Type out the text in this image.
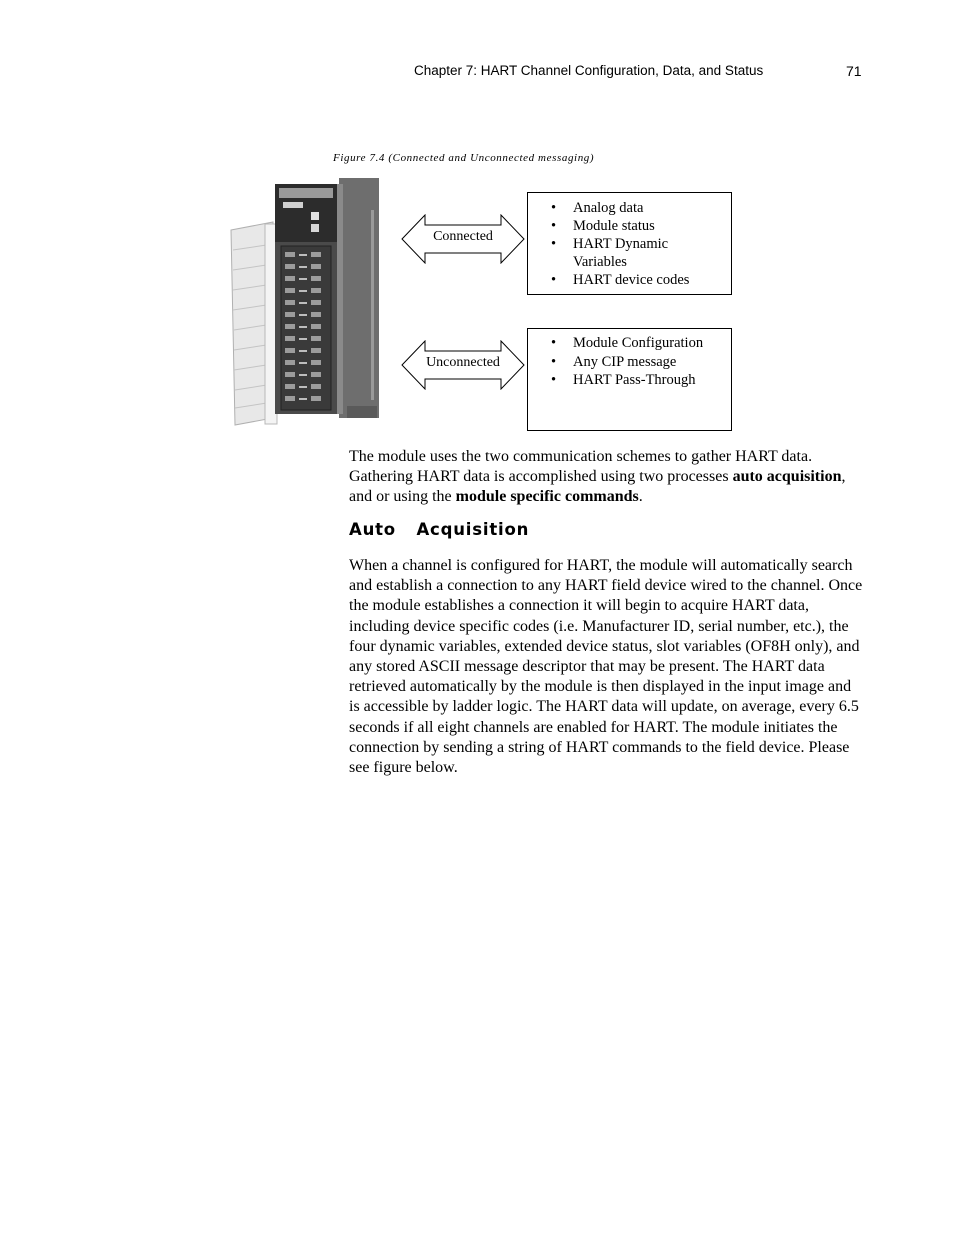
Chapter 7: HART Channel Configuration, Data, and Status	71
Figure 7.4 (Connected and Unconnected messaging)
Connected
• Analog data
• Module status
• HART Dynamic Variables
• HART device codes
Unconnected
• Module Configuration
• Any CIP message
• HART Pass-Through

The module uses the two communication schemes to gather HART data. Gathering HART data is accomplished using two processes auto acquisition, and or using the module specific commands.

Auto Acquisition

When a channel is configured for HART, the module will automatically search and establish a connection to any HART field device wired to the channel. Once the module establishes a connection it will begin to acquire HART data, including device specific codes (i.e. Manufacturer ID, serial number, etc.), the four dynamic variables, extended device status, slot variables (OF8H only), and any stored ASCII message descriptor that may be present. The HART data retrieved automatically by the module is then displayed in the input image and is accessible by ladder logic. The HART data will update, on average, every 6.5 seconds if all eight channels are enabled for HART. The module initiates the connection by sending a string of HART commands to the field device. Please see figure below.
